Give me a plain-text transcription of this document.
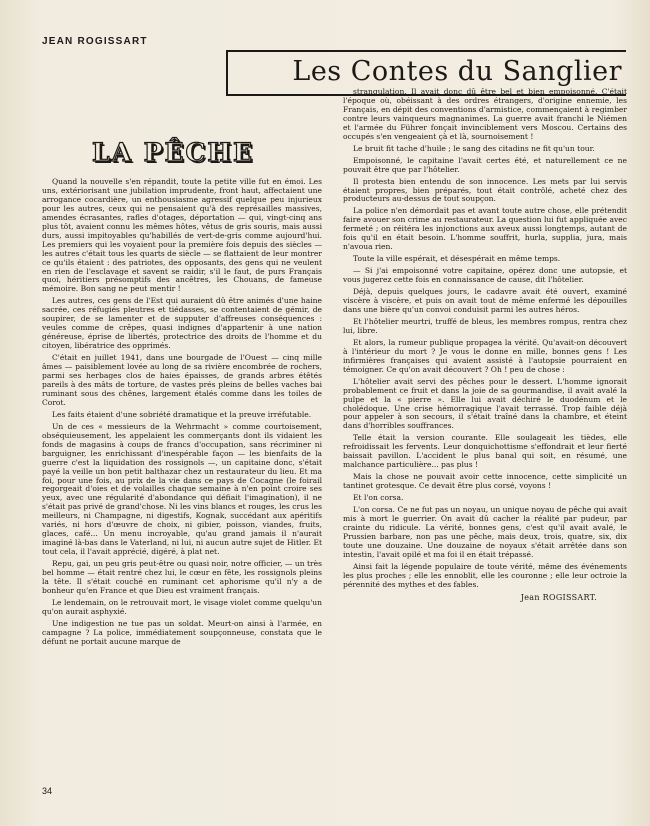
JEAN ROGISSART
Les Contes du Sanglier
LA PÊCHE

Quand la nouvelle s'en répandit, toute la petite ville fut en émoi. Les uns, extériorisant une jubilation imprudente, front haut, affectaient une arrogance cocardière, un enthousiasme agressif quelque peu injurieux pour les autres, ceux qui ne pensaient qu'à des représailles massives, amendes écrasantes, rafles d'otages, déportation — qui, vingt-cinq ans plus tôt, avaient connu les mêmes hôtes, vêtus de gris souris, mais aussi durs, aussi impitoyables qu'habillés de vert-de-gris comme aujourd'hui. Les premiers qui les voyaient pour la première fois depuis des siècles — les autres c'était tous les quarts de siècle — se flattaient de leur montrer ce qu'ils étaient : des patriotes, des opposants, des gens qui ne veulent en rien de l'esclavage et savent se raidir, s'il le faut, de purs Français quoi, héritiers présomptifs des ancêtres, les Chouans, de fameuse mémoire. Bon sang ne peut mentir !

Les autres, ces gens de l'Est qui auraient dû être animés d'une haine sacrée, ces réfugiés pleutres et tiédasses, se contentaient de gémir, de soupirer, de se lamenter et de supputer d'affreuses conséquences : veules comme de crêpes, quasi indignes d'appartenir à une nation généreuse, éprise de libertés, protectrice des droits de l'homme et du citoyen, libératrice des opprimés.

C'était en juillet 1941, dans une bourgade de l'Ouest — cinq mille âmes — paisiblement lovée au long de sa rivière encombrée de rochers, parmi ses herbages clos de haies épaisses, de grands arbres étêtés pareils à des mâts de torture, de vastes prés pleins de belles vaches bai ruminant sous des chênes, largement étalés comme dans les toiles de Corot.

Les faits étaient d'une sobriété dramatique et la preuve irréfutable.

Un de ces « messieurs de la Wehrmacht » comme courtoisement, obséquieusement, les appelaient les commerçants dont ils vidaient les fonds de magasins à coups de francs d'occupation, sans récriminer ni barguigner, les enrichissant d'inespérable façon — les bienfaits de la guerre c'est la liquidation des rossignols —, un capitaine donc, s'était payé la veille un bon petit balthazar chez un restaurateur du lieu. Et ma foi, pour une fois, au prix de la vie dans ce pays de Cocagne (le foirail regorgeait d'oies et de volailles chaque semaine à n'en point croire ses yeux, avec une régularité d'abondance qui défiait l'imagination), il ne s'était pas privé de grand'chose. Ni les vins blancs et rouges, les crus les meilleurs, ni Champagne, ni digestifs, Kognak, succédant aux apéritifs variés, ni hors d'œuvre de choix, ni gibier, poisson, viandes, fruits, glaces, café... Un menu incroyable, qu'au grand jamais il n'aurait imaginé là-bas dans le Vaterland, ni lui, ni aucun autre sujet de Hitler. Et tout cela, il l'avait apprécié, digéré, à plat net.

Repu, gai, un peu gris peut-être ou quasi noir, notre officier, — un très bel homme — était rentré chez lui, le cœur en fête, les rossignols pleins la tête. Il s'était couché en ruminant cet aphorisme qu'il n'y a de bonheur qu'en France et que Dieu est vraiment français.

Le lendemain, on le retrouvait mort, le visage violet comme quelqu'un qu'on aurait asphyxié.

Une indigestion ne tue pas un soldat. Meurt-on ainsi à l'armée, en campagne ? La police, immédiatement soupçonneuse, constata que le défunt ne portait aucune marque de

strangulation. Il avait donc dû être bel et bien empoisonné. C'était l'époque où, obéissant à des ordres étrangers, d'origine ennemie, les Français, en dépit des conventions d'armistice, commençaient à regimber contre leurs vainqueurs magnanimes. La guerre avait franchi le Niémen et l'armée du Führer fonçait invinciblement vers Moscou. Certains des occupés s'en vengeaient çà et là, sournoisement !

Le bruit fit tache d'huile ; le sang des citadins ne fit qu'un tour.

Empoisonné, le capitaine l'avait certes été, et naturellement ce ne pouvait être que par l'hôtelier.

Il protesta bien entendu de son innocence. Les mets par lui servis étaient propres, bien préparés, tout était contrôlé, acheté chez des producteurs au-dessus de tout soupçon.

La police n'en démordait pas et avant toute autre chose, elle prétendit faire avouer son crime au restaurateur. La question lui fut appliquée avec fermeté ; on réitéra les injonctions aux aveux aussi longtemps, autant de fois qu'il en était besoin. L'homme souffrit, hurla, supplia, jura, mais n'avoua rien.

Toute la ville espérait, et désespérait en même temps.

— Si j'ai empoisonné votre capitaine, opérez donc une autopsie, et vous jugerez cette fois en connaissance de cause, dit l'hôtelier.

Déjà, depuis quelques jours, le cadavre avait été ouvert, examiné viscère à viscère, et puis on avait tout de même enfermé les dépouilles dans une bière qu'un convoi conduisit parmi les autres héros.

Et l'hôtelier meurtri, truffé de bleus, les membres rompus, rentra chez lui, libre.

Et alors, la rumeur publique propagea la vérité. Qu'avait-on découvert à l'intérieur du mort ? Je vous le donne en mille, bonnes gens ! Les infirmières françaises qui avaient assisté à l'autopsie pourraient en témoigner. Ce qu'on avait découvert ? Oh ! peu de chose :

L'hôtelier avait servi des pêches pour le dessert. L'homme ignorait probablement ce fruit et dans la joie de sa gourmandise, il avait avalé la pulpe et la « pierre ». Elle lui avait déchiré le duodénum et le cholédoque. Une crise hémorragique l'avait terrassé. Trop faible déjà pour appeler à son secours, il s'était traîné dans la chambre, et éteint dans d'horribles souffrances.

Telle était la version courante. Elle soulageait les tièdes, elle refroidissait les fervents. Leur donquichottisme s'effondrait et leur fierté baissait pavillon. L'accident le plus banal qui soit, en résumé, une malchance particulière... pas plus !

Mais la chose ne pouvait avoir cette innocence, cette simplicité un tantinet grotesque. Ce devait être plus corsé, voyons !

Et l'on corsa.

L'on corsa. Ce ne fut pas un noyau, un unique noyau de pêche qui avait mis à mort le guerrier. On avait dû cacher la réalité par pudeur, par crainte du ridicule. La vérité, bonnes gens, c'est qu'il avait avalé, le Prussien barbare, non pas une pêche, mais deux, trois, quatre, six, dix toute une douzaine. Une douzaine de noyaux s'était arrêtée dans son intestin, l'avait opilé et ma foi il en était trépassé.

Ainsi fait la légende populaire de toute vérité, même des événements les plus proches ; elle les ennoblit, elle les couronne ; elle leur octroie la pérennité des mythes et des fables.

Jean ROGISSART.
34
